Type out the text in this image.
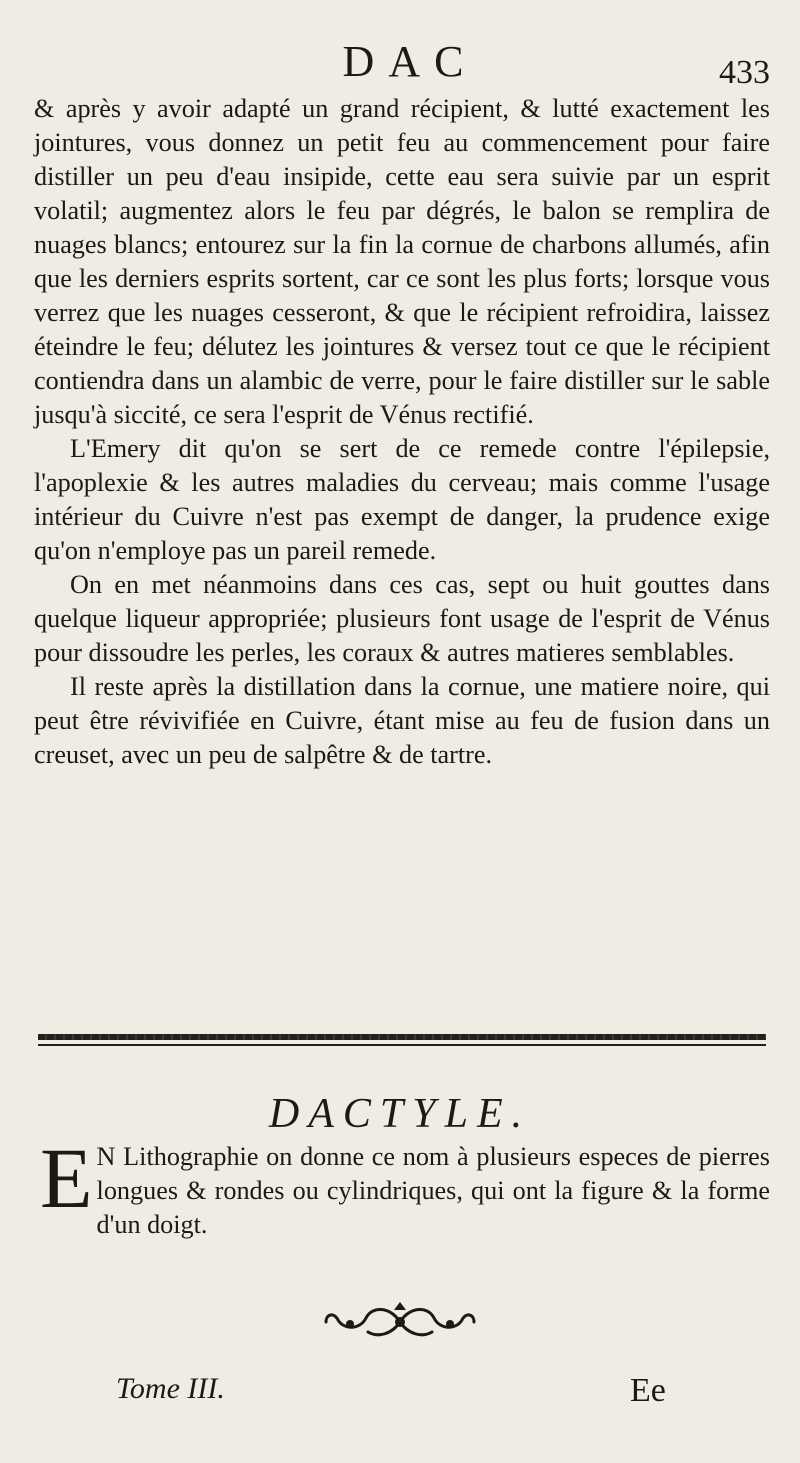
DAC	433

& après y avoir adapté un grand récipient, & lutté exactement les jointures, vous donnez un petit feu au commencement pour faire distiller un peu d'eau insipide, cette eau sera suivie par un esprit volatil; augmentez alors le feu par dégrés, le balon se remplira de nuages blancs; entourez sur la fin la cornue de charbons allumés, afin que les derniers esprits sortent, car ce sont les plus forts; lorsque vous verrez que les nuages cesseront, & que le récipient refroidira, laissez éteindre le feu; délutez les jointures & versez tout ce que le récipient contiendra dans un alambic de verre, pour le faire distiller sur le sable jusqu'à siccité, ce sera l'esprit de Vénus rectifié.

L'Emery dit qu'on se sert de ce remede contre l'épilepsie, l'apoplexie & les autres maladies du cerveau; mais comme l'usage intérieur du Cuivre n'est pas exempt de danger, la prudence exige qu'on n'employe pas un pareil remede.

On en met néanmoins dans ces cas, sept ou huit gouttes dans quelque liqueur appropriée; plusieurs font usage de l'esprit de Vénus pour dissoudre les perles, les coraux & autres matieres semblables.

Il reste après la distillation dans la cornue, une matiere noire, qui peut être révivifiée en Cuivre, étant mise au feu de fusion dans un creuset, avec un peu de salpêtre & de tartre.

DACTYLE.
E N Lithographie on donne ce nom à plusieurs especes de pierres longues & rondes ou cylindriques, qui ont la figure & la forme d'un doigt.
Tome III.	Ee
